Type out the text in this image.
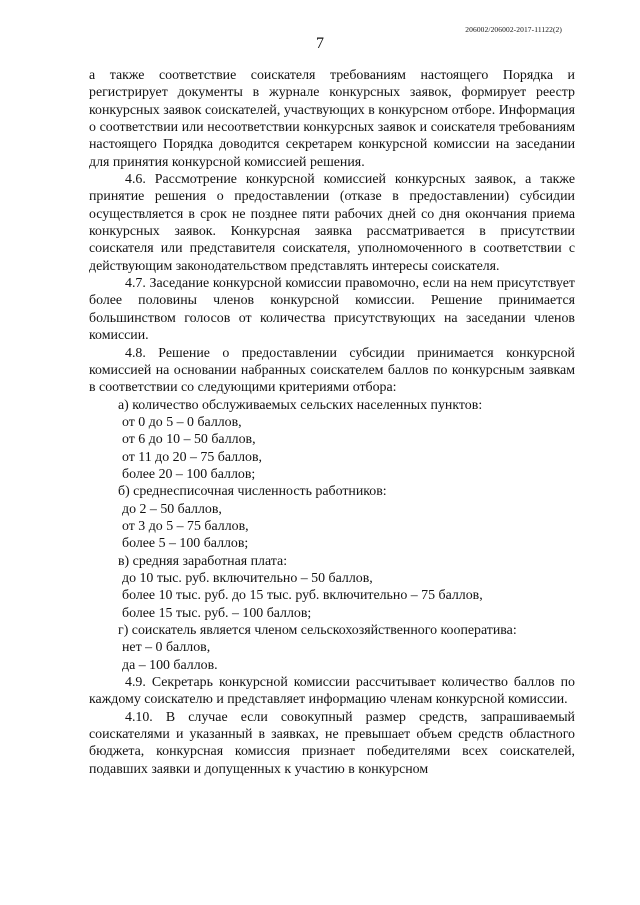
206002/206002-2017-11122(2)
7

а также соответствие соискателя требованиям настоящего Порядка и регистрирует документы в журнале конкурсных заявок, формирует реестр конкурсных заявок соискателей, участвующих в конкурсном отборе. Информация о соответствии или несоответствии конкурсных заявок и соискателя требованиям настоящего Порядка доводится секретарем конкурсной комиссии на заседании для принятия конкурсной комиссией решения.

4.6. Рассмотрение конкурсной комиссией конкурсных заявок, а также принятие решения о предоставлении (отказе в предоставлении) субсидии осуществляется в срок не позднее пяти рабочих дней со дня окончания приема конкурсных заявок. Конкурсная заявка рассматривается в присутствии соискателя или представителя соискателя, уполномоченного в соответствии с действующим законодательством представлять интересы соискателя.

4.7. Заседание конкурсной комиссии правомочно, если на нем присутствует более половины членов конкурсной комиссии. Решение принимается большинством голосов от количества присутствующих на заседании членов комиссии.

4.8. Решение о предоставлении субсидии принимается конкурсной комиссией на основании набранных соискателем баллов по конкурсным заявкам в соответствии со следующими критериями отбора:

а) количество обслуживаемых сельских населенных пунктов:
от 0 до 5 – 0 баллов,
от 6 до 10 – 50 баллов,
от 11 до 20 – 75 баллов,
более 20 – 100 баллов;
б) среднесписочная численность работников:
до 2 – 50 баллов,
от 3 до 5 – 75 баллов,
более 5 – 100 баллов;
в) средняя заработная плата:
до 10 тыс. руб. включительно – 50 баллов,
более 10 тыс. руб. до 15 тыс. руб. включительно – 75 баллов,
более 15 тыс. руб. – 100 баллов;
г) соискатель является членом сельскохозяйственного кооператива:
нет – 0 баллов,
да – 100 баллов.

4.9. Секретарь конкурсной комиссии рассчитывает количество баллов по каждому соискателю и представляет информацию членам конкурсной комиссии.

4.10. В случае если совокупный размер средств, запрашиваемый соискателями и указанный в заявках, не превышает объем средств областного бюджета, конкурсная комиссия признает победителями всех соискателей, подавших заявки и допущенных к участию в конкурсном
